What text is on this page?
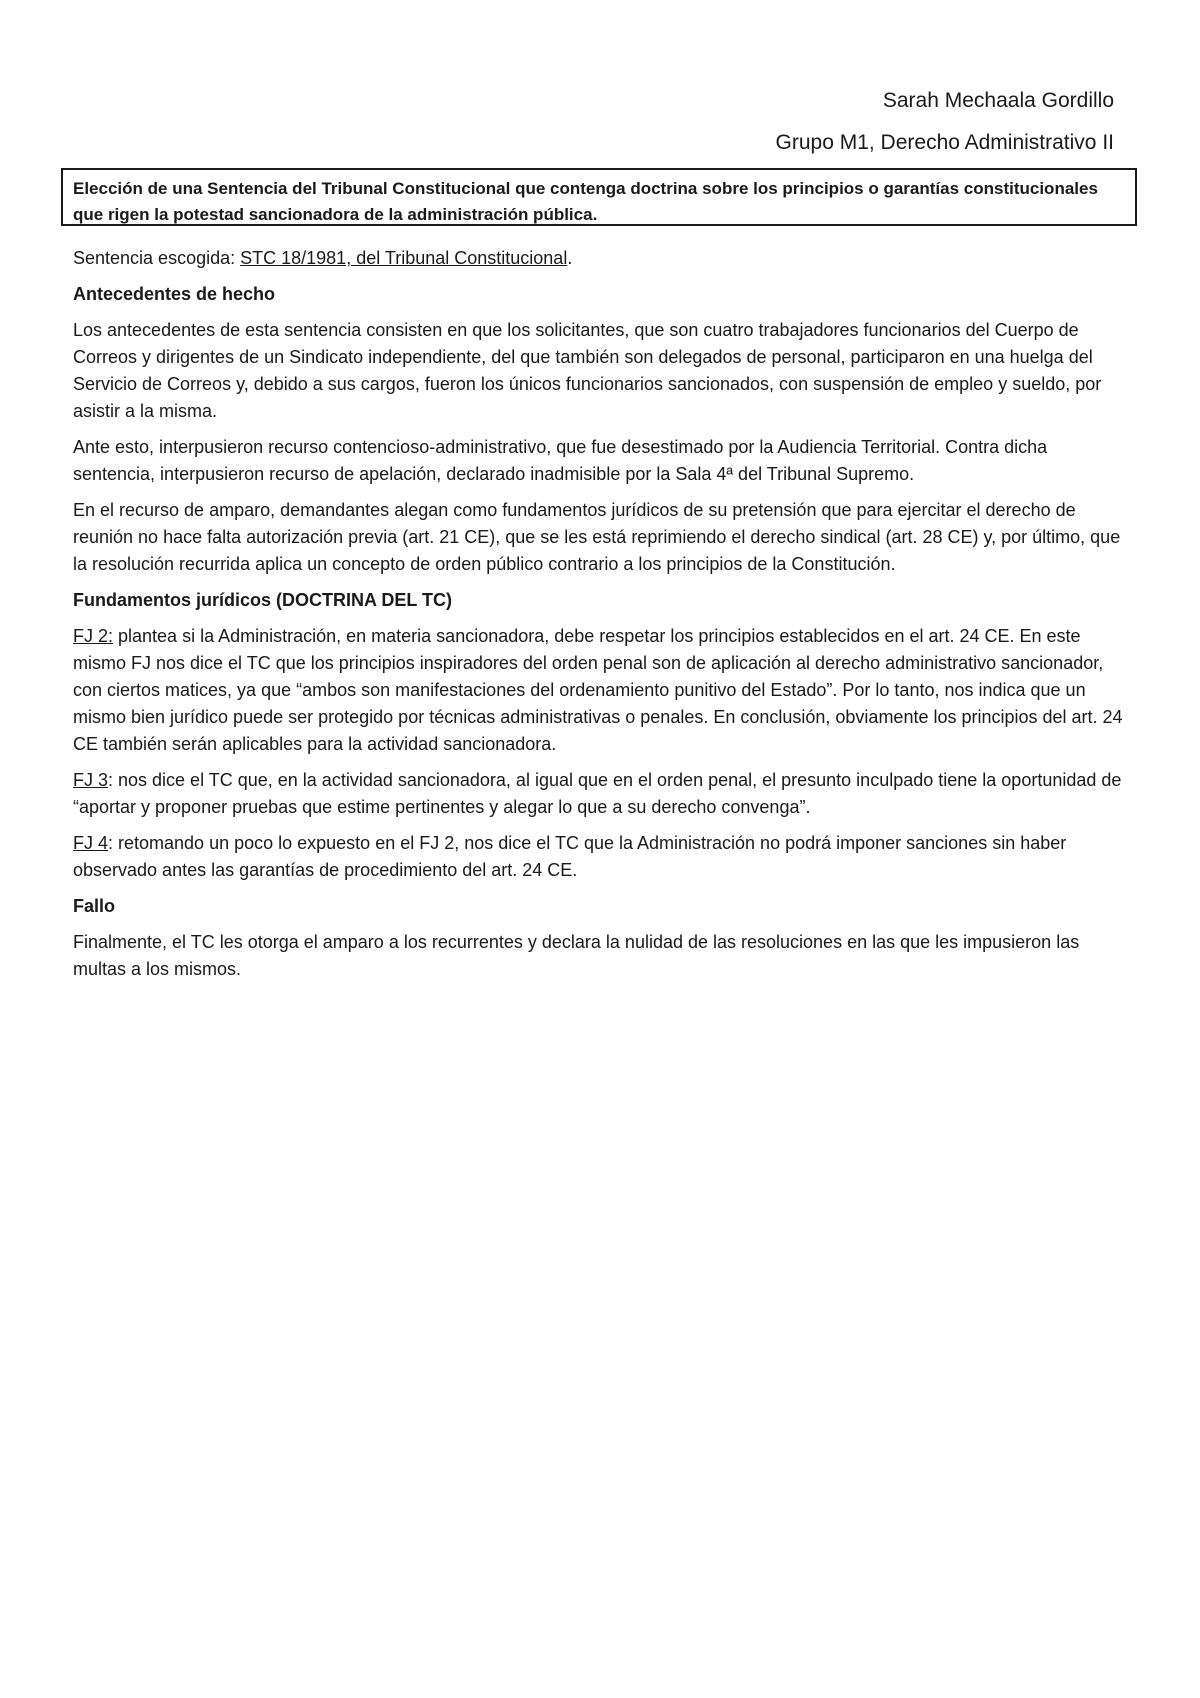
Sarah Mechaala Gordillo
Grupo M1, Derecho Administrativo II
Elección de una Sentencia del Tribunal Constitucional que contenga doctrina sobre los principios o garantías constitucionales que rigen la potestad sancionadora de la administración pública.

Sentencia escogida: STC 18/1981, del Tribunal Constitucional.

Antecedentes de hecho

Los antecedentes de esta sentencia consisten en que los solicitantes, que son cuatro trabajadores funcionarios del Cuerpo de Correos y dirigentes de un Sindicato independiente, del que también son delegados de personal, participaron en una huelga del Servicio de Correos y, debido a sus cargos, fueron los únicos funcionarios sancionados, con suspensión de empleo y sueldo, por asistir a la misma.

Ante esto, interpusieron recurso contencioso-administrativo, que fue desestimado por la Audiencia Territorial. Contra dicha sentencia, interpusieron recurso de apelación, declarado inadmisible por la Sala 4ª del Tribunal Supremo.

En el recurso de amparo, demandantes alegan como fundamentos jurídicos de su pretensión que para ejercitar el derecho de reunión no hace falta autorización previa (art. 21 CE), que se les está reprimiendo el derecho sindical (art. 28 CE) y, por último, que la resolución recurrida aplica un concepto de orden público contrario a los principios de la Constitución.

Fundamentos jurídicos (DOCTRINA DEL TC)

FJ 2: plantea si la Administración, en materia sancionadora, debe respetar los principios establecidos en el art. 24 CE. En este mismo FJ nos dice el TC que los principios inspiradores del orden penal son de aplicación al derecho administrativo sancionador, con ciertos matices, ya que “ambos son manifestaciones del ordenamiento punitivo del Estado”. Por lo tanto, nos indica que un mismo bien jurídico puede ser protegido por técnicas administrativas o penales. En conclusión, obviamente los principios del art. 24 CE también serán aplicables para la actividad sancionadora.

FJ 3: nos dice el TC que, en la actividad sancionadora, al igual que en el orden penal, el presunto inculpado tiene la oportunidad de “aportar y proponer pruebas que estime pertinentes y alegar lo que a su derecho convenga”.

FJ 4: retomando un poco lo expuesto en el FJ 2, nos dice el TC que la Administración no podrá imponer sanciones sin haber observado antes las garantías de procedimiento del art. 24 CE.

Fallo

Finalmente, el TC les otorga el amparo a los recurrentes y declara la nulidad de las resoluciones en las que les impusieron las multas a los mismos.
